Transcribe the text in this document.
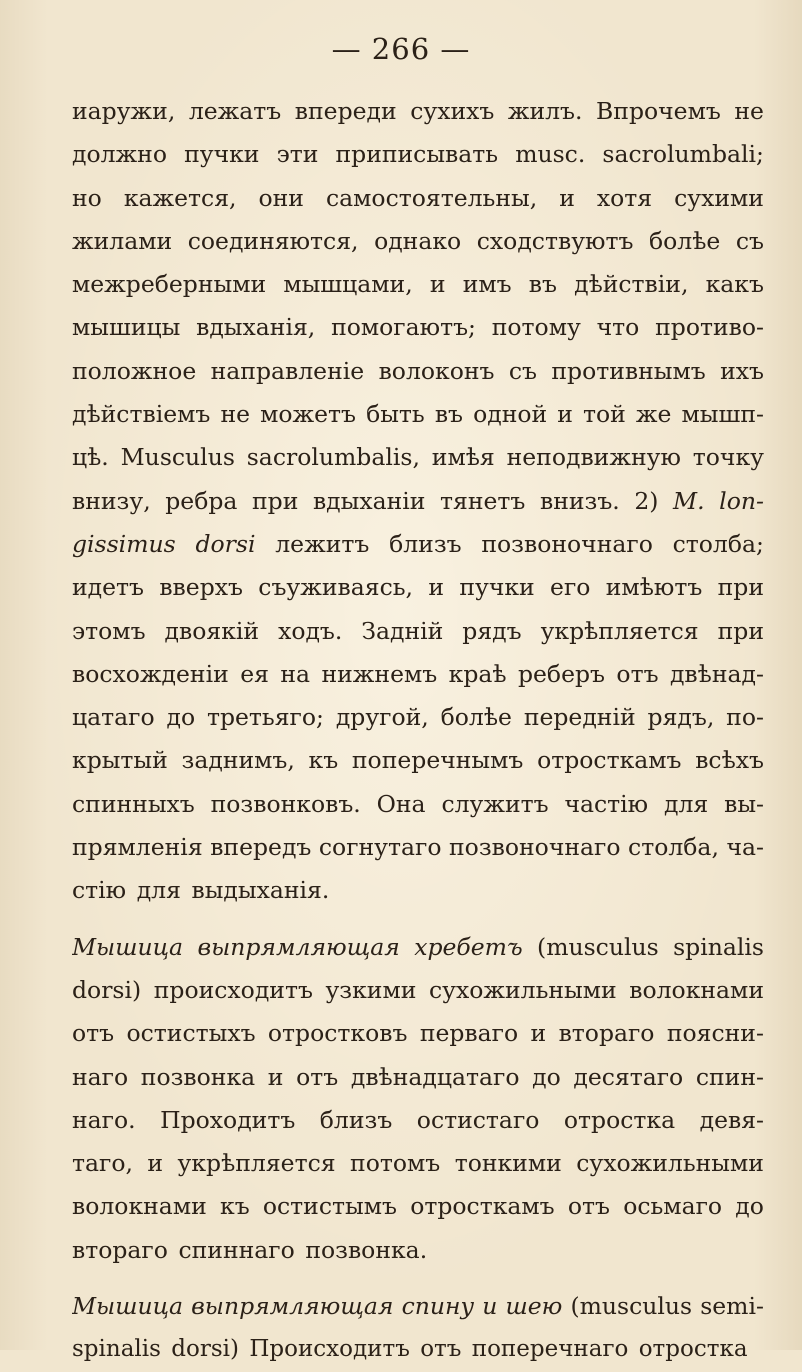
— 266 —
иаружи, лежатъ впереди сухихъ жилъ. Впрочемъ не
должно пучки эти приписывать musc. sacrolumbali;
но кажется, они самостоятельны, и хотя сухими
жилами соединяются, однако сходствуютъ болѣе съ
межреберными мышцами, и имъ въ дѣйствіи, какъ
мышицы вдыханія, помогаютъ; потому что противо-
положное направленіе волоконъ съ противнымъ ихъ
дѣйствіемъ не можетъ быть въ одной и той же мышп-
цѣ. Musculus sacrolumbalis, имѣя неподвижную точку
внизу, ребра при вдыханіи тянетъ внизъ. 2) M. lon-
gissimus dorsi лежитъ близъ позвоночнаго столба;
идетъ вверхъ съуживаясь, и пучки его имѣютъ при
этомъ двоякій ходъ. Задній рядъ укрѣпляется при
восхожденіи ея на нижнемъ краѣ реберъ отъ двѣнад-
цатаго до третьяго; другой, болѣе передній рядъ, по-
крытый заднимъ, къ поперечнымъ отросткамъ всѣхъ
спинныхъ позвонковъ. Она служитъ частію для вы-
прямленія впередъ согнутаго позвоночнаго столба, ча-
стію для выдыханія.
Мышица выпрямляющая хребетъ (musculus spinalis
dorsi) происходитъ узкими сухожильными волокнами
отъ остистыхъ отростковъ перваго и втораго поясни-
наго позвонка и отъ двѣнадцатаго до десятаго спин-
наго. Проходитъ близъ остистаго отростка девя-
таго, и укрѣпляется потомъ тонкими сухожильными
волокнами къ остистымъ отросткамъ отъ осьмаго до
втораго спиннаго позвонка.
Мышица выпрямляющая спину и шею (musculus semi-
spinalis dorsi) Происходитъ отъ поперечнаго отростка
